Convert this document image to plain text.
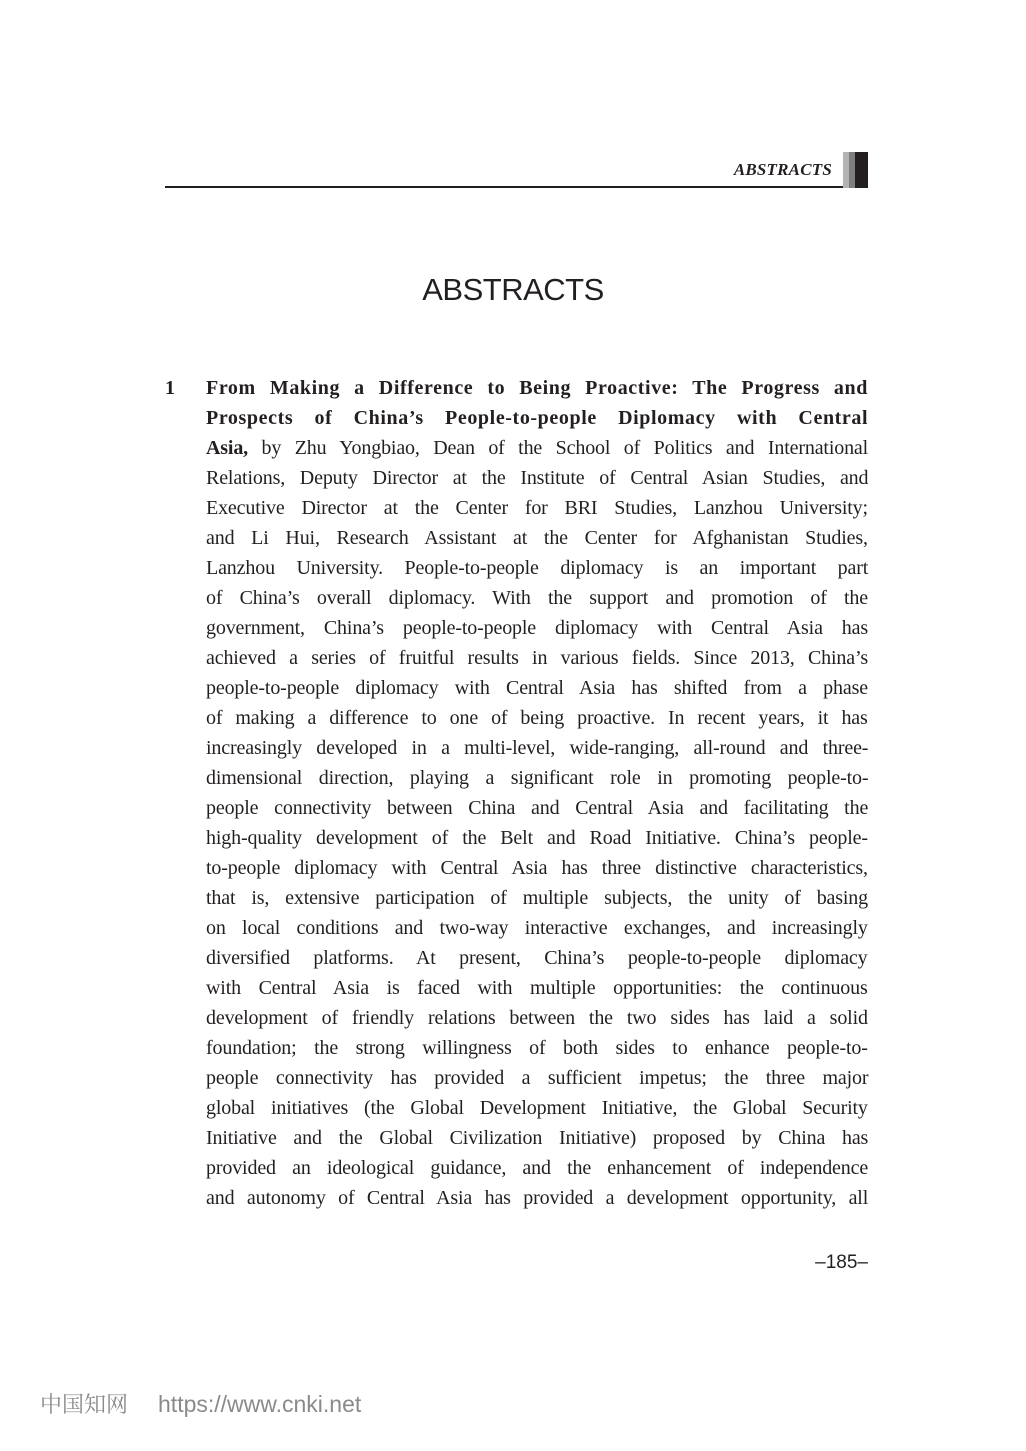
ABSTRACTS
ABSTRACTS
1 From Making a Difference to Being Proactive: The Progress and
Prospects of China’s People-to-people Diplomacy with Central
Asia, by Zhu Yongbiao, Dean of the School of Politics and International
Relations, Deputy Director at the Institute of Central Asian Studies, and
Executive Director at the Center for BRI Studies, Lanzhou University;
and Li Hui, Research Assistant at the Center for Afghanistan Studies,
Lanzhou University. People-to-people diplomacy is an important part
of China’s overall diplomacy. With the support and promotion of the
government, China’s people-to-people diplomacy with Central Asia has
achieved a series of fruitful results in various fields. Since 2013, China’s
people-to-people diplomacy with Central Asia has shifted from a phase
of making a difference to one of being proactive. In recent years, it has
increasingly developed in a multi-level, wide-ranging, all-round and three-
dimensional direction, playing a significant role in promoting people-to-
people connectivity between China and Central Asia and facilitating the
high-quality development of the Belt and Road Initiative. China’s people-
to-people diplomacy with Central Asia has three distinctive characteristics,
that is, extensive participation of multiple subjects, the unity of basing
on local conditions and two-way interactive exchanges, and increasingly
diversified platforms. At present, China’s people-to-people diplomacy
with Central Asia is faced with multiple opportunities: the continuous
development of friendly relations between the two sides has laid a solid
foundation; the strong willingness of both sides to enhance people-to-
people connectivity has provided a sufficient impetus; the three major
global initiatives (the Global Development Initiative, the Global Security
Initiative and the Global Civilization Initiative) proposed by China has
provided an ideological guidance, and the enhancement of independence
and autonomy of Central Asia has provided a development opportunity, all
–185–
中国知网 https://www.cnki.net
